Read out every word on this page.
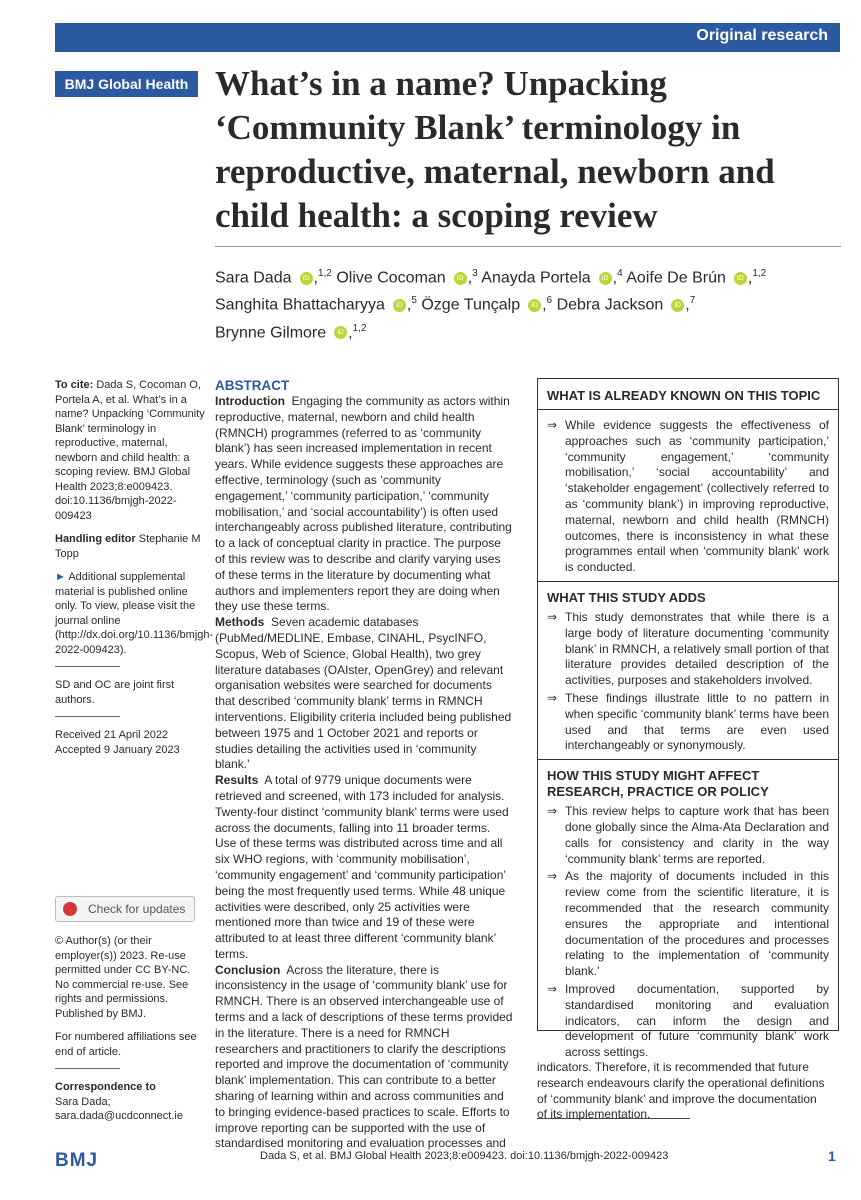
Original research
BMJ Global Health What’s in a name? Unpacking ‘Community Blank’ terminology in reproductive, maternal, newborn and child health: a scoping review
Sara Dada iD ,$^{1,2}$ Olive Cocoman iD ,$^3$ Anayda Portela iD ,$^4$ Aoife De Brún iD ,$^{1,2}$
Sanghita Bhattacharyya iD ,$^5$ Özge Tunçalp iD ,$^6$ Debra Jackson iD ,$^7$
Brynne Gilmore iD ,$^{1,2}$

To cite: Dada S, Cocoman O, Portela A, et al. What’s in a name? Unpacking ‘Community Blank’ terminology in reproductive, maternal, newborn and child health: a scoping review. BMJ Global Health 2023;8:e009423. doi:10.1136/bmjgh-2022-009423

Handling editor Stephanie M Topp

► Additional supplemental material is published online only. To view, please visit the journal online (http://dx.doi.org/10.1136/bmjgh-2022-009423).

SD and OC are joint first authors.

Received 21 April 2022

Accepted 9 January 2023

Check for updates

© Author(s) (or their employer(s)) 2023. Re-use permitted under CC BY-NC. No commercial re-use. See rights and permissions. Published by BMJ.

For numbered affiliations see end of article.

Correspondence to

Sara Dada;

sara.dada@ucdconnect.ie

ABSTRACT
Introduction Engaging the community as actors within reproductive, maternal, newborn and child health (RMNCH) programmes (referred to as ‘community blank’) has seen increased implementation in recent years. While evidence suggests these approaches are effective, terminology (such as ‘community engagement,’ ‘community participation,’ ‘community mobilisation,’ and ‘social accountability’) is often used interchangeably across published literature, contributing to a lack of conceptual clarity in practice. The purpose of this review was to describe and clarify varying uses of these terms in the literature by documenting what authors and implementers report they are doing when they use these terms.
Methods Seven academic databases (PubMed/MEDLINE, Embase, CINAHL, PsycINFO, Scopus, Web of Science, Global Health), two grey literature databases (OAIster, OpenGrey) and relevant organisation websites were searched for documents that described ‘community blank’ terms in RMNCH interventions. Eligibility criteria included being published between 1975 and 1 October 2021 and reports or studies detailing the activities used in ‘community blank.’
Results A total of 9779 unique documents were retrieved and screened, with 173 included for analysis. Twenty-four distinct ‘community blank’ terms were used across the documents, falling into 11 broader terms. Use of these terms was distributed across time and all six WHO regions, with ‘community mobilisation’, ‘community engagement’ and ‘community participation’ being the most frequently used terms. While 48 unique activities were described, only 25 activities were mentioned more than twice and 19 of these were attributed to at least three different ‘community blank’ terms.
Conclusion Across the literature, there is inconsistency in the usage of ‘community blank’ use for RMNCH. There is an observed interchangeable use of terms and a lack of descriptions of these terms provided in the literature. There is a need for RMNCH researchers and practitioners to clarify the descriptions reported and improve the documentation of ‘community blank’ implementation. This can contribute to a better sharing of learning within and across communities and to bringing evidence-based practices to scale. Efforts to improve reporting can be supported with the use of standardised monitoring and evaluation processes and
WHAT IS ALREADY KNOWN ON THIS TOPIC
⇒ While evidence suggests the effectiveness of approaches such as ‘community participation,’ ‘community engagement,’ ‘community mobilisation,’ ‘social accountability’ and ‘stakeholder engagement’ (collectively referred to as ‘community blank’) in improving reproductive, maternal, newborn and child health (RMNCH) outcomes, there is inconsistency in what these programmes entail when ‘community blank’ work is conducted.
WHAT THIS STUDY ADDS
⇒ This study demonstrates that while there is a large body of literature documenting ‘community blank’ in RMNCH, a relatively small portion of that literature provides detailed description of the activities, purposes and stakeholders involved.
⇒ These findings illustrate little to no pattern in when specific ‘community blank’ terms have been used and that terms are even used interchangeably or synonymously.
HOW THIS STUDY MIGHT AFFECT RESEARCH, PRACTICE OR POLICY
⇒ This review helps to capture work that has been done globally since the Alma-Ata Declaration and calls for consistency and clarity in the way ‘community blank’ terms are reported.
⇒ As the majority of documents included in this review come from the scientific literature, it is recommended that the research community ensures the appropriate and intentional documentation of the procedures and processes relating to the implementation of ‘community blank.’
⇒ Improved documentation, supported by standardised monitoring and evaluation indicators, can inform the design and development of future ‘community blank’ work across settings.
indicators. Therefore, it is recommended that future research endeavours clarify the operational definitions of ‘community blank’ and improve the documentation of its implementation.
BMJ	Dada S, et al. BMJ Global Health 2023;8:e009423. doi:10.1136/bmjgh-2022-009423	1
